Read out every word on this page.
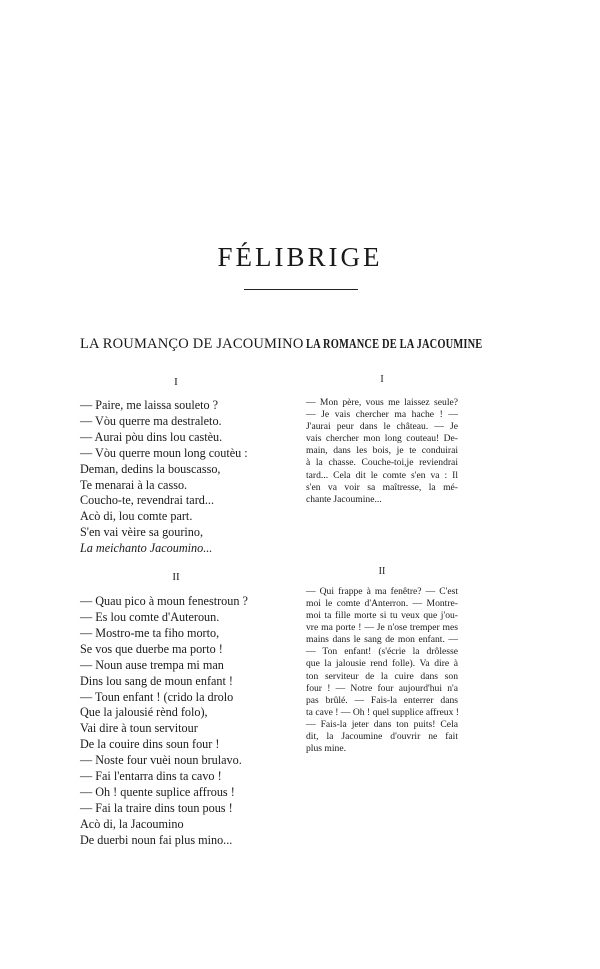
FÉLIBRIGE
LA ROUMANÇO DE JACOUMINO
I
— Paire, me laissa souleto ?
— Vòu querre ma destraleto.
— Aurai pòu dins lou castèu.
— Vòu querre moun long coutèu :
Deman, dedins la bouscasso,
Te menarai à la casso.
Coucho-te, revendrai tard...
Acò di, lou comte part.
S'en vai vèire sa gourino,
La meichanto Jacoumino...
II
— Quau pico à moun fenestroun ?
— Es lou comte d'Auteroun.
— Mostro-me ta fiho morto,
Se vos que duerbe ma porto !
— Noun ause trempa mi man
Dins lou sang de moun enfant !
— Toun enfant ! (crido la drolo
Que la jalousié rènd folo),
Vai dire à toun servitour
De la couire dins soun four !
— Noste four vuèi noun brulavo.
— Fai l'entarra dins ta cavo !
— Oh ! quente suplice affrous !
— Fai la traire dins toun pous !
Acò di, la Jacoumino
De duerbi noun fai plus mino...
LA ROMANCE DE LA JACOUMINE
I

— Mon père, vous me laissez seule?
— Je vais chercher ma hache ! —
J'aurai peur dans le château. — Je
vais chercher mon long couteau! De-
main, dans les bois, je te conduirai
à la chasse. Couche-toi,je reviendrai
tard... Cela dit le comte s'en va : Il
s'en va voir sa maîtresse, la mé-
chante Jacoumine...

II

— Qui frappe à ma fenêtre? — C'est
moi le comte d'Anterron. — Montre-
moi ta fille morte si tu veux que j'ou-
vre ma porte ! — Je n'ose tremper mes
mains dans le sang de mon enfant. —
— Ton enfant! (s'écrie la drôlesse
que la jalousie rend folle). Va dire à
ton serviteur de la cuire dans son
four ! — Notre four aujourd'hui n'a
pas brûlé. — Fais-la enterrer dans
ta cave ! — Oh ! quel supplice affreux !
— Fais-la jeter dans ton puits! Cela
dit, la Jacoumine d'ouvrir ne fait
plus mine.
